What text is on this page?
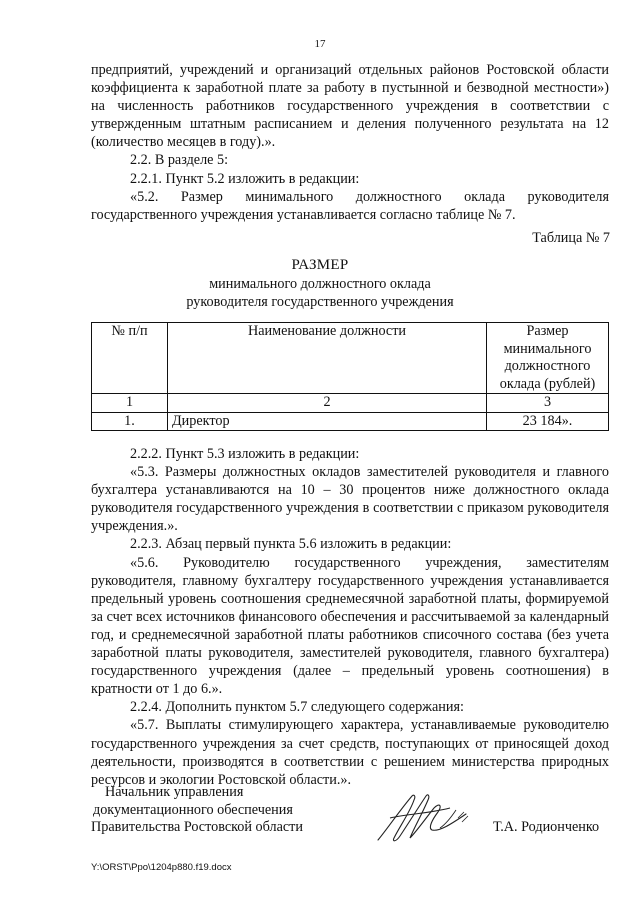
17

предприятий, учреждений и организаций отдельных районов Ростовской области коэффициента к заработной плате за работу в пустынной и безводной местности») на численность работников государственного учреждения в соответствии с утвержденным штатным расписанием и деления полученного результата на 12 (количество месяцев в году).».

2.2. В разделе 5:

2.2.1. Пункт 5.2 изложить в редакции:

«5.2. Размер минимального должностного оклада руководителя государственного учреждения устанавливается согласно таблице № 7.

Таблица № 7
РАЗМЕР
минимального должностного оклада
руководителя государственного учреждения
№ п/п	Наименование должности	Размер минимального должностного оклада (рублей)

1	2	3
1.	Директор	23 184».

2.2.2. Пункт 5.3 изложить в редакции:

«5.3. Размеры должностных окладов заместителей руководителя и главного бухгалтера устанавливаются на 10 – 30 процентов ниже должностного оклада руководителя государственного учреждения в соответствии с приказом руководителя учреждения.».

2.2.3. Абзац первый пункта 5.6 изложить в редакции:

«5.6. Руководителю государственного учреждения, заместителям руководителя, главному бухгалтеру государственного учреждения устанавливается предельный уровень соотношения среднемесячной заработной платы, формируемой за счет всех источников финансового обеспечения и рассчитываемой за календарный год, и среднемесячной заработной платы работников списочного состава (без учета заработной платы руководителя, заместителей руководителя, главного бухгалтера) государственного учреждения (далее – предельный уровень соотношения) в кратности от 1 до 6.».

2.2.4. Дополнить пунктом 5.7 следующего содержания:

«5.7. Выплаты стимулирующего характера, устанавливаемые руководителю государственного учреждения за счет средств, поступающих от приносящей доход деятельности, производятся в соответствии с решением министерства природных ресурсов и экологии Ростовской области.».

Начальник управления
документационного обеспечения
Правительства Ростовской области	Т.А. Родионченко
Y:\ORST\Ppo\1204p880.f19.docx
